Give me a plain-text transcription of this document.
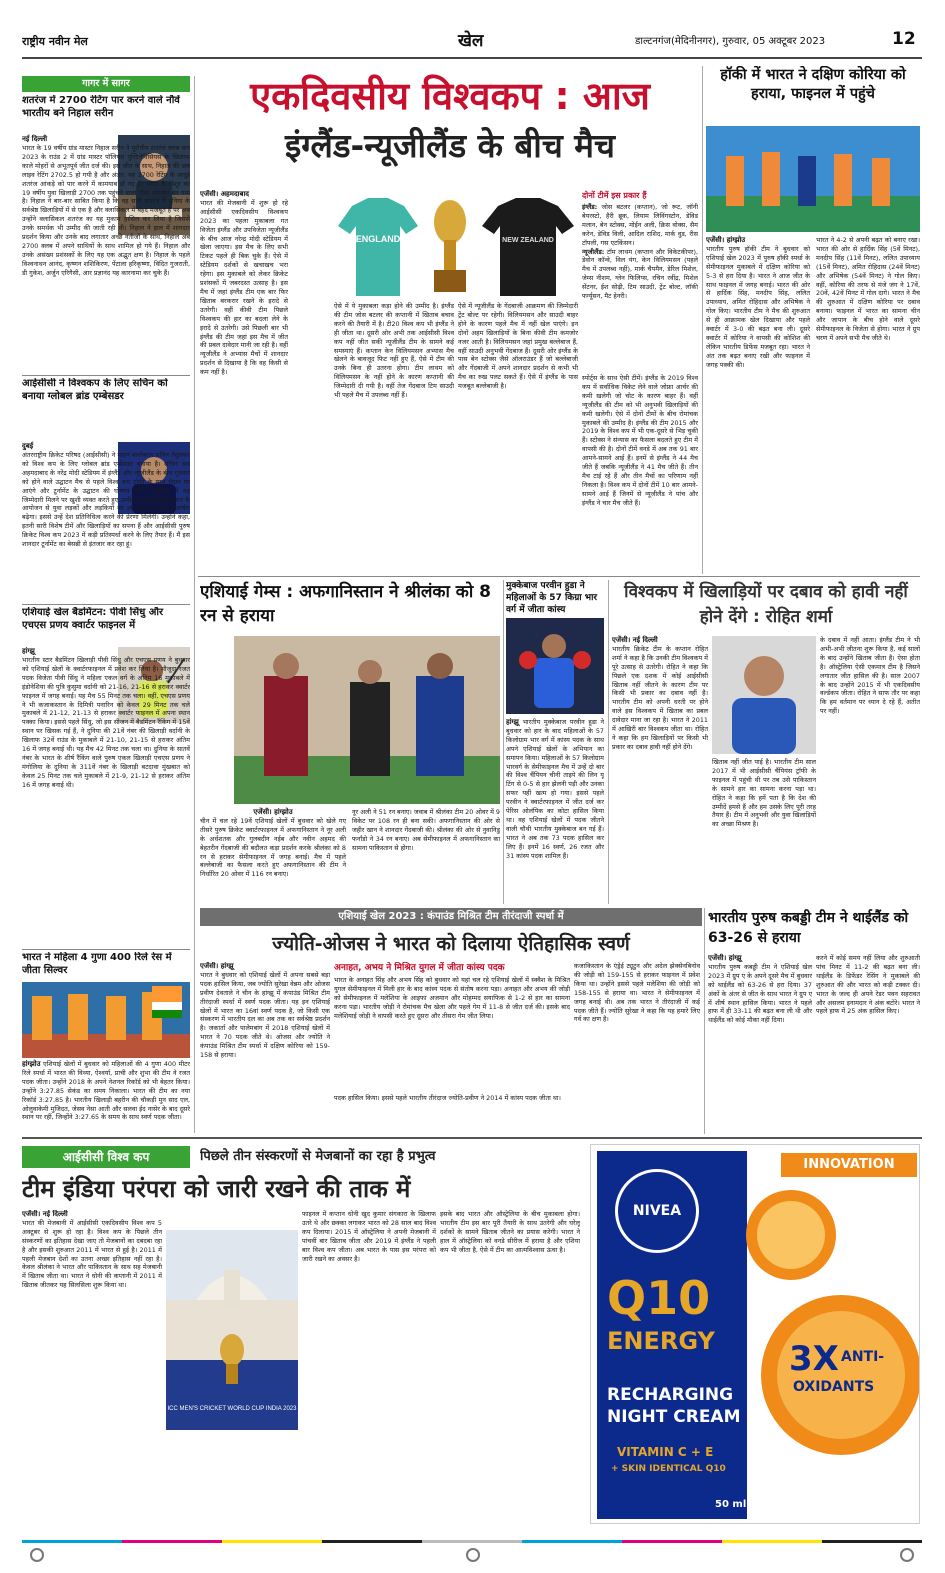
राष्ट्रीय नवीन मेल	खेल	डाल्टनगंज(मेदिनीनगर), गुरुवार, 05 अक्टूबर 2023	12
गागर में सागर
शतरंज में 2700 रेटिंग पार करने वाले नौवें भारतीय बने निहाल सरीन
नई दिल्ली
भारत के 19 वर्षीय ग्रांड मास्टर निहाल सरीन ने यूरोपीय शतरंज क्लब कप 2023 के राउंड 2 में ग्रांड मास्टर पॉलियस पुल्टिनेविसियस के खिलाफ काले मोहरों से अभूतपूर्व जीत दर्ज की। इस जीत के साथ, निहाल की अब लाइव रेटिंग 2702.5 हो गयी है और अंतत: वह 2700 रेटिंग के जादुई शतरंज आंकड़े को पार करने में कामयाब हो गए हैं। भारत के त्रिशूर का 19 वर्षीय युवा खिलाड़ी 2700 तक पहुंचने वाला नौवां भारतीय बन गया है। निहाल ने बार-बार साबित किया है कि वह सभी शतरंज में दुनिया के सर्वश्रेष्ठ खिलाड़ियों में से एक है और क्लासिकल में बेहद मजबूत है पर अब उन्होंने क्लासिकल शतरंज का यह मुकाम हासिल कर लिया है जिससे उनके समर्थक भी उम्मीद की जाती रही थी। निहाल ने हाल में शानदार प्रदर्शन किया और उनके बाद लगातार अच्छे नतीजों के साथ, निहाल अब 2700 क्लब में अपने साथियों के साथ शामिल हो गये हैं। निहाल और उनके असंख्य प्रशंसकों के लिए यह एक अद्भुत क्षण है। निहाल के पहले विश्वनाथन आनंद, कृष्णन शशिकिरण, पेंटाला हरिकृष्णा, विदित गुजराती, डी गुकेश, अर्जुन एरिगैसी, आर प्रज्ञानंद यह कारनामा कर चुके हैं।
आईसीसी ने विश्वकप के लिए सचिन को बनाया ग्लोबल ब्रांड एम्बेसडर
दुबई
अंतरराष्ट्रीय क्रिकेट परिषद (आईसीसी) ने महान बल्लेबाज सचिन तेंदुलकर को विश्व कप के लिए ग्लोबल ब्रांड एम्बेसडर बनाया है। सचिन अब अहमदाबाद के नरेंद्र मोदी स्टेडियम में इंग्लैंड और न्यूजीलैंड के बीच गुरुवार को होने वाले उद्घाटन मैच से पहले विश्व कप ट्रॉफी के साथ मैदान पर आएंगे और टूर्नामेंट के उद्घाटन की घोषणा करेंगे। तेंदुलकर ने यह जिम्मेदारी मिलने पर खुशी व्यक्त करते हुए उम्मीद जताई कि विश्व कप के आयोजन से युवा लड़कों और लड़कियों का इस खेल के प्रति आकर्षण बढ़ेगा। इससे उन्हें देश प्रतिनिधित्व करने की प्रेरणा मिलेगी। उन्होंने कहा, इतनी सारी विशेष टीमें और खिलाड़ियों का सपना हैं और आईसीसी पुरुष क्रिकेट विश्व कप 2023 में कड़ी प्रतिस्पर्धा करने के लिए तैयार हैं। मैं इस शानदार टूर्नामेंट का बेसब्री से इंतजार कर रहा हूं।
एशियाई खेल बैडमिंटन: पीवी सिंधु और एचएस प्रणय क्वार्टर फाइनल में
हांग्झू
भारतीय स्टार बैडमिंटन खिलाड़ी पीवी सिंधु और एचएस प्रणय ने बुधवार को एशियाई खेलों के क्वार्टरफाइनल में प्रवेश कर लिया है। मौजूदा रजत पदक विजेता पीवी सिंधु ने महिला एकल वर्ग के अंतिम 16 मुकाबले में इंडोनेशिया की पुत्रि कुसुमा वर्दानी को 21-16, 21-16 से हराकर क्वार्टर फाइनल में जगह बनाई। यह मैच 55 मिनट तक चला। वहीं, एचएस प्रणय ने भी कजाकस्तान के दिमित्री पनारिन को केवल 29 मिनट तक चले मुकाबले में 21-12, 21-13 से हराकर क्वार्टर फाइनल में अपना स्थान पक्का किया। इससे पहले सिंधु, जो इस सीजन में बैडमिंटन रैंकिंग में 15वें स्थान पर खिसक गई हैं, ने दुनिया की 21वें नंबर की खिलाड़ी वर्दानी के खिलाफ 32वें राउंड के मुकाबले में 21-10, 21-15 से हराकर अंतिम 16 में जगह बनाई थी। यह मैच 42 मिनट तक चला था। दुनिया के सातवें नंबर के भारत के शीर्ष रैंकिंग वाले पुरुष एकल खिलाड़ी एचएस प्रणय ने मंगोलिया के दुनिया के 311वें नंबर के खिलाड़ी बटदावा मुंखबात को केवल 25 मिनट तक चले मुकाबले में 21-9, 21-12 से हराकर अंतिम 16 में जगह बनाई थी।
भारत ने महिला 4 गुणा 400 रिले रेस में जीता सिल्वर
हांग्झोउ एशियाई खेलों में बुधवार को महिलाओं की 4 गुणा 400 मीटर रिले स्पर्धा में भारत की विथ्या, ऐश्वर्या, प्राची और शुभा की टीम ने रजत पदक जीता। उन्होंने 2018 के अपने नेशनल रिकॉर्ड को भी बेहतर किया। उन्होंने 3:27.85 सेकंड का समय निकाला। भारत की टीम का नया रिकॉर्ड 3:27.85 है। भारतीय खिलाड़ी बहरीन की चौकड़ी मुन साद एल, ओलुवाकेमी मुजिदत, जेसव नेसा आती और सलवा ईद नासेर के बाद दूसरे स्थान पर रहीं, जिन्होंने 3:27.65 के समय के साथ स्वर्ण पदक जीता।
एकदिवसीय विश्वकप : आज
इंग्लैंड-न्यूजीलैंड के बीच मैच
एजेंसी। अहमदाबाद
भारत की मेजबानी में शुरू हो रहे आईसीसी एकदिवसीय विश्वकप 2023 का पहला मुकाबला गत विजेता इंग्लैंड और उपविजेता न्यूजीलैंड के बीच आज नरेन्द्र मोदी स्टेडियम में खेला जाएगा। इस मैच के लिए सभी टिकट पहले ही बिक चुके हैं। ऐसे में स्टेडियम दर्शकों से खचाखच भरा रहेगा। इस मुकाबले को लेकर क्रिकेट प्रशंसकों में जबरदस्त उत्साह है। इस मैच में जहां इंग्लैंड टीम एक बार फिर खिताब बरकरार रखने के इरादे से उतरेगी। वहीं कीवी टीम पिछले विश्वकप की हार का बदला लेने के इरादे से उतरेगी। उसे पिछली बार भी इंग्लैंड की टीम जहां इस मैच में जीत की प्रबल दावेदार मानी जा रही है। वहीं न्यूजीलैंड ने अभ्यास मैचों में शानदार प्रदर्शन से दिखाया है कि वह किसी से कम नहीं है।
ENGLAND	NEW ZEALAND
ऐसे में ये मुकाबला कड़ा होने की उम्मीद है। इंग्लैंड की टीम जोस बटलर की कप्तानी में खिताब बचाव करने की तैयारी में है। टी20 विश्व कप भी इंग्लैंड ने ही जीता था। दूसरी ओर अभी तक आईसीसी विश्व कप नहीं जीत सकी न्यूजीलैंड टीम के सामने कई समस्याएं हैं। कप्तान केन विलियमसन अभ्यास मैच खेलने के बावजूद फिट नहीं हुए हैं, ऐसे में टीम की उनके बिना ही उतरना होगा। टीम लाथम को विलियमसन के नहीं होने के कारण कप्तानी की जिम्मेदारी दी गयी है। वहीं तेज गेंदबाज टिम साउदी भी पहले मैच में उपलब्ध नहीं हैं।
ऐसे में न्यूजीलैंड के गेंदबाजी आक्रमण की जिम्मेदारी ट्रेंट बोल्ट पर रहेगी। विलियमसन और साउदी बाहर होने के कारण पहले मैच में नहीं खेल पाएंगे। इन दोनों अहम खिलाड़ियों के बिना कीवी टीम कमजोर नजर आती है। विलियमसन जहां प्रमुख बल्लेबाज हैं, वहीं साउदी अनुभवी गेंदबाज हैं। दूसरी ओर इंग्लैंड के पास बेन स्टोक्स जैसे ऑलराउंडर हैं जो बल्लेबाजी और गेंदबाजी में अपने शानदार प्रदर्शन से कभी भी मैच का रुख पलट सकते हैं। ऐसे में इंग्लैंड के पास मजबूत बल्लेबाजी है।
दोनों टीमें इस प्रकार हैं
इंग्लैंड: जोस बटलर (कप्तान), जो रूट, जॉनी बेयरस्टो, हैरी ब्रूक, लियाम लिविंगस्टोन, डेविड मलान, बेन स्टोक्स, मोईन अली, क्रिस वोक्स, सैम करेन, डेविड विली, आदिल राशिद, मार्क वुड, रीस टॉपली, गस एटकिंसन।
न्यूजीलैंड: टॉम लाथम (कप्तान और विकेटकीपर), डेवोन कॉन्वे, विल यंग, केन विलियमसन (पहले मैच में उपलब्ध नहीं), मार्क चैपमैन, डेरिल मिशेल, जेम्स नीशम, ग्लेन फिलिप्स, रचिन रवींद्र, मिशेल सेंटनर, ईश सोढ़ी, टिम साउदी, ट्रेंट बोल्ट, लॉकी फर्ग्यूसन, मैट हेनरी।
स्पोर्ट्स के साथ ऐसी टीमें। इंग्लैंड के 2019 विश्व कप में सर्वाधिक विकेट लेने वाले जोफ्रा आर्चर की कमी खलेगी जो चोट के कारण बाहर हैं। वहीं न्यूजीलैंड की टीम को भी अनुभवी खिलाड़ियों की कमी खलेगी। ऐसे में दोनों टीमों के बीच रोमांचक मुकाबले की उम्मीद है। इंग्लैंड की टीम 2015 और 2019 के विश्व कप में भी एक-दूसरे से भिड़ चुकी हैं। स्टोक्स ने संन्यास का फैसला बदलते हुए टीम में वापसी की है। दोनों टीमें वनडे में अब तक 91 बार आमने-सामने आई हैं। इनमें से इंग्लैंड ने 44 मैच जीते हैं जबकि न्यूजीलैंड ने 41 मैच जीते हैं। तीन मैच टाई रहे हैं और तीन मैचों का परिणाम नहीं निकला है। विश्व कप में दोनों टीमें 10 बार आमने-सामने आई हैं जिनमें से न्यूजीलैंड ने पांच और इंग्लैंड ने चार मैच जीते हैं।
हॉकी में भारत ने दक्षिण कोरिया को हराया, फाइनल में पहुंचे
एजेंसी। हांग्झोउ
भारतीय पुरुष हॉकी टीम ने बुधवार को एशियाई खेल 2023 में पुरुष हॉकी स्पर्धा के सेमीफाइनल मुकाबले में दक्षिण कोरिया को 5-3 से हरा दिया है। भारत ने आज जीत के साथ फाइनल में जगह बनाई। भारत की ओर से हार्दिक सिंह, मनदीप सिंह, ललित उपाध्याय, अमित रोहिदास और अभिषेक ने गोल किए। भारतीय टीम ने मैच की शुरुआत से ही आक्रामक खेल दिखाया और पहले क्वार्टर में 3-0 की बढ़त बना ली। दूसरे क्वार्टर में कोरिया ने वापसी की कोशिश की लेकिन भारतीय डिफेंस मजबूत रहा। भारत ने अंत तक बढ़त बनाए रखी और फाइनल में जगह पक्की की।
भारत ने 4-2 से अपनी बढ़त को बनाए रखा। भारत की ओर से हार्दिक सिंह (5वें मिनट), मनदीप सिंह (11वें मिनट), ललित उपाध्याय (15वें मिनट), अमित रोहिदास (24वें मिनट) और अभिषेक (54वें मिनट) ने गोल किए। वहीं, कोरिया की तरफ से मंजे जंग ने 17वें, 20वें, 42वें मिनट में गोल दागे। भारत ने मैच की शुरुआत में दक्षिण कोरिया पर दबाव बनाया। फाइनल में भारत का सामना चीन और जापान के बीच होने वाले दूसरे सेमीफाइनल के विजेता से होगा। भारत ने ग्रुप चरण में अपने सभी मैच जीते थे।
एशियाई गेम्स : अफगानिस्तान ने श्रीलंका को 8 रन से हराया
एजेंसी। हांग्झोउ
चीन में चल रहे 19वें एशियाई खेलों में बुधवार को खेले गए तीसरे पुरुष क्रिकेट क्वार्टरफाइनल में अफगानिस्तान ने नूर अली के अर्धशतक और गुलबदीन नईब और नवीन अहमद की बेहतरीन गेंदबाजी की बदौलत कड़ा प्रदर्शन करके श्रीलंका को 8 रन से हराकर सेमीफाइनल में जगह बनाई। मैच में पहले बल्लेबाजी का फैसला करते हुए अफगानिस्तान की टीम ने निर्धारित 20 ओवर में 116 रन बनाए।
नूर अली ने 51 रन बनाए। जवाब में श्रीलंका टीम 20 ओवर में 9 विकेट पर 108 रन ही बना सकी। अफगानिस्तान की ओर से जहीर खान ने शानदार गेंदबाजी की। श्रीलंका की ओर से नुवानिडु फर्नांडो ने 34 रन बनाए। अब सेमीफाइनल में अफगानिस्तान का सामना पाकिस्तान से होगा।
मुक्केबाज परवीन हुडा ने महिलाओं के 57 किग्रा भार वर्ग में जीता कांस्य
हांग्झू भारतीय मुक्केबाज परवीन हुडा ने बुधवार को हार के बाद महिलाओं के 57 किलोग्राम भार वर्ग में कांस्य पदक के साथ अपने एशियाई खेलों के अभियान का समापन किया। महिलाओं के 57 किलोग्राम भारवर्ग के सेमीफाइनल मैच में उन्हें दो बार की विश्व चैंपियन चीनी ताइपे की लिन यू टिंग से 0-5 से हार झेलनी पड़ी और उनका सफर यहीं खत्म हो गया। इससे पहले परवीन ने क्वार्टरफाइनल में जीत दर्ज कर पेरिस ओलंपिक का कोटा हासिल किया था। वह एशियाई खेलों में पदक जीतने वाली चौथी भारतीय मुक्केबाज बन गई हैं। भारत ने अब तक 73 पदक हासिल कर लिए हैं। इनमें 16 स्वर्ण, 26 रजत और 31 कांस्य पदक शामिल हैं।
विश्वकप में खिलाड़ियों पर दबाव को हावी नहीं होने देंगे : रोहित शर्मा
एजेंसी। नई दिल्ली
भारतीय क्रिकेट टीम के कप्तान रोहित शर्मा ने कहा है कि उनकी टीम विश्वकप में पूरे उत्साह से उतरेगी। रोहित ने कहा कि पिछले एक दशक में कोई आईसीसी खिताब नहीं जीतने के कारण टीम पर किसी भी प्रकार का दबाव नहीं है। भारतीय टीम को अपनी धरती पर होने वाले इस विश्वकप में खिताब का प्रबल दावेदार माना जा रहा है। भारत ने 2011 में आखिरी बार विश्वकप जीता था। रोहित ने कहा कि हम खिलाड़ियों पर किसी भी प्रकार का दबाव हावी नहीं होने देंगे।
खिताब नहीं जीत पाई है। भारतीय टीम साल 2017 में भी आईसीसी चैंपियंस ट्रॉफी के फाइनल में पहुंची थी पर तब उसे पाकिस्तान के सामने हार का सामना करना पड़ा था। रोहित ने कहा कि हमें पता है कि देश की उम्मीदें हमसे हैं और हम उसके लिए पूरी तरह तैयार हैं। टीम में अनुभवी और युवा खिलाड़ियों का अच्छा मिश्रण है।
के दबाव में नहीं आता। इंग्लैंड टीम ने भी अभी-अभी जीतना शुरू किया है, कई सालों के बाद उन्होंने खिताब जीता है। ऐसा होता है। ऑस्ट्रेलिया ऐसी एकमात्र टीम है जिसने लगातार जीत हासिल की है। साल 2007 के बाद उन्होंने 2015 में भी एकदिवसीय वर्ल्डकप जीता। रोहित ने साफ तौर पर कहा कि हम वर्तमान पर ध्यान दे रहे हैं, अतीत पर नहीं।
एशियाई खेल 2023 : कंपाउंड मिश्रित टीम तीरंदाजी स्पर्धा में
ज्योति-ओजस ने भारत को दिलाया ऐतिहासिक स्वर्ण
एजेंसी। हांग्झू
भारत ने बुधवार को एशियाई खेलों में अपना सबसे बड़ा पदक हासिल किया, जब ज्योति सुरेखा वेन्नम और ओजस प्रवीण देवताले ने चीन के हांग्झू में कंपाउंड मिश्रित टीम तीरंदाजी स्पर्धा में स्वर्ण पदक जीता। यह इन एशियाई खेलों में भारत का 16वां स्वर्ण पदक है, जो किसी एक संस्करण में भारतीय दल का अब तक का सर्वश्रेष्ठ प्रदर्शन है। जकार्ता और पालेमबांग में 2018 एशियाई खेलों में भारत ने 70 पदक जीते थे। ओजस और ज्योति ने कंपाउंड मिश्रित टीम स्पर्धा में दक्षिण कोरिया को 159-158 से हराया।
अनाहत, अभय ने मिश्रित युगल में जीता कांस्य पदक
भारत के अनाहत सिंह और अभय सिंह को बुधवार को यहां चल रहे एशियाई खेलों में स्क्वैश के मिश्रित युगल सेमीफाइनल में मिली हार के बाद कांस्य पदक से संतोष करना पड़ा। अनाहत और अभय की जोड़ी को सेमीफाइनल में मलेशिया के आइफा अजमान और मोहम्मद सयाफिक से 1-2 से हार का सामना करना पड़ा। भारतीय जोड़ी ने रोमांचक मैच खेला और पहले गेम में 11-8 से जीत दर्ज की। इसके बाद मलेशियाई जोड़ी ने वापसी करते हुए दूसरा और तीसरा गेम जीत लिया।
पदक हासिल किया। इससे पहले भारतीय तीरंदाज ज्योति-प्रवीण ने 2014 में कांस्य पदक जीता था।
कजाकिस्तान के एंड्रेई ट्यूटुन और अदेल झेक्सेनबिनोव की जोड़ी को 159-155 से हराकर फाइनल में प्रवेश किया था। उन्होंने इससे पहले मलेशिया की जोड़ी को 158-155 से हराया था। भारत ने सेमीफाइनल में जगह बनाई थी। अब तक भारत ने तीरंदाजी में कई पदक जीते हैं। ज्योति सुरेखा ने कहा कि यह हमारे लिए गर्व का क्षण है।
भारतीय पुरुष कबड्डी टीम ने थाईलैंड को 63-26 से हराया
एजेंसी। हांग्झू
भारतीय पुरुष कबड्डी टीम ने एशियाई खेल 2023 में ग्रुप ए के अपने दूसरे मैच में बुधवार को थाईलैंड को 63-26 से हरा दिया। 37 अंकों के अंतर से जीत के साथ भारत ने ग्रुप ए में शीर्ष स्थान हासिल किया। भारत ने पहले हाफ में ही 33-11 की बढ़त बना ली थी और थाईलैंड को कोई मौका नहीं दिया।
करने में कोई समय नहीं लिया और शुरुआती पांच मिनट में 11-2 की बढ़त बना ली। थाईलैंड के डिफेंडर रेसिंग ने मुकाबले की शुरुआत की और भारत को कड़ी टक्कर दी। भारत के जल्द ही अपने रेडर पवन सहरावत और असलम इनामदार ने अंक बटोरे। भारत ने पहले हाफ में 25 अंक हासिल किए।
आईसीसी विश्व कप	पिछले तीन संस्करणों से मेजबानों का रहा है प्रभुत्व
टीम इंडिया परंपरा को जारी रखने की ताक में
एजेंसी। नई दिल्ली
भारत की मेजबानी में आईसीसी एकदिवसीय विश्व कप 5 अक्टूबर से शुरू हो रहा है। विश्व कप के पिछले तीन संस्करणों का इतिहास देखा जाए तो मेजबानों का दबदबा रहा है और इसकी शुरुआत 2011 में भारत से हुई है। 2011 में पहली मेजबान देशों का उतना अच्छा इतिहास नहीं रहा है। केवल श्रीलंका ने भारत और पाकिस्तान के साथ सह मेजबानी में खिताब जीता था। भारत ने धोनी की कप्तानी में 2011 में खिताब जीतकर यह सिलसिला शुरू किया था।
ICC MEN'S CRICKET WORLD CUP INDIA 2023
फाइनल में कप्तान धोनी खुद कुमार संगकारा के खिलाफ उतरे थे और छक्का लगाकर भारत को 28 साल बाद विश्व कप दिलाया। 2015 में ऑस्ट्रेलिया ने अपनी मेजबानी में पांचवीं बार खिताब जीता और 2019 में इंग्लैंड ने पहली बार विश्व कप जीता। अब भारत के पास इस परंपरा को जारी रखने का अवसर है।
इसके बाद भारत और ऑस्ट्रेलिया के बीच मुकाबला होगा। भारतीय टीम इस बार पूरी तैयारी के साथ उतरेगी और घरेलू दर्शकों के सामने खिताब जीतने का प्रयास करेगी। भारत ने हाल में ऑस्ट्रेलिया को वनडे सीरीज में हराया है और एशिया कप भी जीता है, ऐसे में टीम का आत्मविश्वास ऊंचा है।
INNOVATION
NIVEA
Q10
ENERGY
RECHARGING
NIGHT CREAM
VITAMIN C + E
+ SKIN IDENTICAL Q10
50 ml
3X ANTI-
OXIDANTS
